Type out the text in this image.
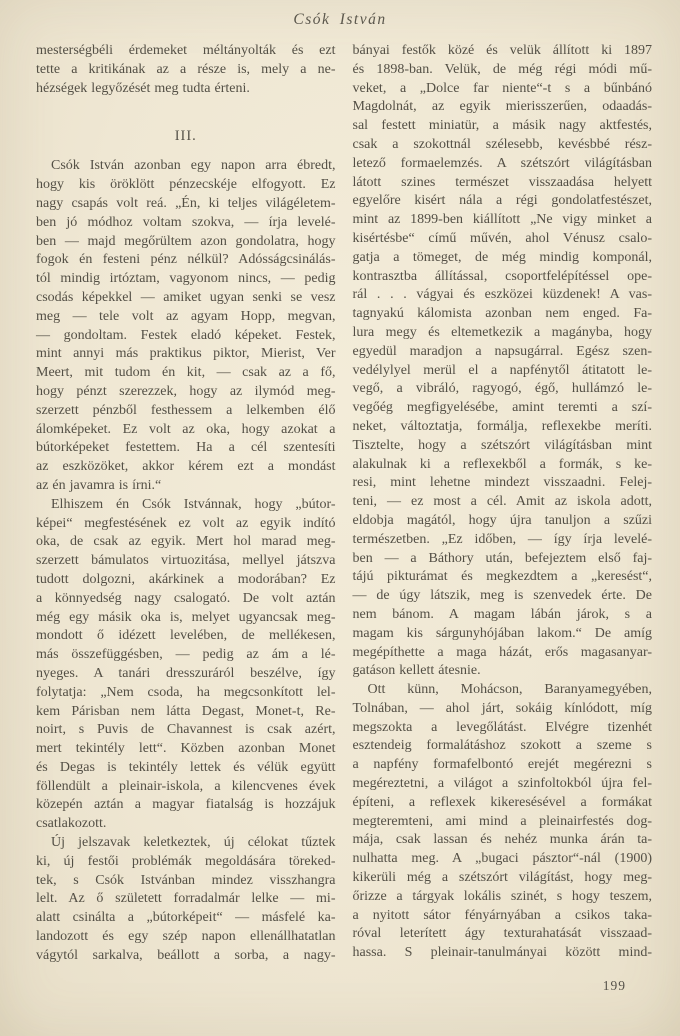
Csók István
mesterségbéli érdemeket méltányolták és ezt
tette a kritikának az a része is, mely a ne-
hézségek legyőzését meg tudta érteni.
III.
Csók István azonban egy napon arra ébredt,
hogy kis öröklött pénzecskéje elfogyott. Ez
nagy csapás volt reá. „Én, ki teljes világéletem-
ben jó módhoz voltam szokva, — írja levelé-
ben — majd megőrültem azon gondolatra, hogy
fogok én festeni pénz nélkül? Adósságcsinálás-
tól mindig irtóztam, vagyonom nincs, — pedig
csodás képekkel — amiket ugyan senki se vesz
meg — tele volt az agyam Hopp, megvan,
— gondoltam. Festek eladó képeket. Festek,
mint annyi más praktikus piktor, Mierist, Ver
Meert, mit tudom én kit, — csak az a fő,
hogy pénzt szerezzek, hogy az ilymód meg-
szerzett pénzből festhessem a lelkemben élő
álomképeket. Ez volt az oka, hogy azokat a
bútorképeket festettem. Ha a cél szentesíti
az eszközöket, akkor kérem ezt a mondást
az én javamra is írni.“
Elhiszem én Csók Istvánnak, hogy „bútor-
képei“ megfestésének ez volt az egyik indító
oka, de csak az egyik. Mert hol marad meg-
szerzett bámulatos virtuozitása, mellyel játszva
tudott dolgozni, akárkinek a modorában? Ez
a könnyedség nagy csalogató. De volt aztán
még egy másik oka is, melyet ugyancsak meg-
mondott ő idézett levelében, de mellékesen,
más összefüggésben, — pedig az ám a lé-
nyeges. A tanári dresszuráról beszélve, így
folytatja: „Nem csoda, ha megcsonkított lel-
kem Párisban nem látta Degast, Monet-t, Re-
noirt, s Puvis de Chavannest is csak azért,
mert tekintély lett“. Közben azonban Monet
és Degas is tekintély lettek és vélük együtt
föllendült a pleinair-iskola, a kilencvenes évek
közepén aztán a magyar fiatalság is hozzájuk
csatlakozott.
Új jelszavak keletkeztek, új célokat tűztek
ki, új festői problémák megoldására töreked-
tek, s Csók Istvánban mindez visszhangra
lelt. Az ő született forradalmár lelke — mi-
alatt csinálta a „bútorképeit“ — másfelé ka-
landozott és egy szép napon ellenállhatatlan
vágytól sarkalva, beállott a sorba, a nagy-
bányai festők közé és velük állított ki 1897
és 1898-ban. Velük, de még régi módi mű-
veket, a „Dolce far niente“-t s a bűnbánó
Magdolnát, az egyik mierisszerűen, odaadás-
sal festett miniatür, a másik nagy aktfestés,
csak a szokottnál szélesebb, kevésbbé rész-
letező formaelemzés. A szétszórt világításban
látott szines természet visszaadása helyett
egyelőre kisért nála a régi gondolatfestészet,
mint az 1899-ben kiállított „Ne vigy minket a
kisértésbe“ című művén, ahol Vénusz csalo-
gatja a tömeget, de még mindig komponál,
kontrasztba állítással, csoportfelépítéssel ope-
rál . . . vágyai és eszközei küzdenek! A vas-
tagnyakú kálomista azonban nem enged. Fa-
lura megy és eltemetkezik a magányba, hogy
egyedül maradjon a napsugárral. Egész szen-
vedélylyel merül el a napfénytől átitatott le-
vegő, a vibráló, ragyogó, égő, hullámzó le-
vegőég megfigyelésébe, amint teremti a szí-
neket, változtatja, formálja, reflexekbe meríti.
Tisztelte, hogy a szétszórt világításban mint
alakulnak ki a reflexekből a formák, s ke-
resi, mint lehetne mindezt visszaadni. Felej-
teni, — ez most a cél. Amit az iskola adott,
eldobja magától, hogy újra tanuljon a szűzi
természetben. „Ez időben, — így írja levelé-
ben — a Báthory után, befejeztem első faj-
tájú pikturámat és megkezdtem a „keresést“,
— de úgy látszik, meg is szenvedek érte. De
nem bánom. A magam lábán járok, s a
magam kis sárgunyhójában lakom.“ De amíg
megépíthette a maga házát, erős magasanyar-
gatáson kellett átesnie.
Ott künn, Mohácson, Baranyamegyében,
Tolnában, — ahol járt, sokáig kínlódott, míg
megszokta a levegőlátást. Elvégre tizenhét
esztendeig formalátáshoz szokott a szeme s
a napfény formafelbontó erejét megérezni s
megéreztetni, a világot a szinfoltokból újra fel-
építeni, a reflexek kikeresésével a formákat
megteremteni, ami mind a pleinairfestés dog-
mája, csak lassan és nehéz munka árán ta-
nulhatta meg. A „bugaci pásztor“-nál (1900)
kikerüli még a szétszórt világítást, hogy meg-
őrizze a tárgyak lokális szinét, s hogy teszem,
a nyitott sátor fényárnyában a csikos taka-
róval leterített ágy texturahatását visszaad-
hassa. S pleinair-tanulmányai között mind-
199
